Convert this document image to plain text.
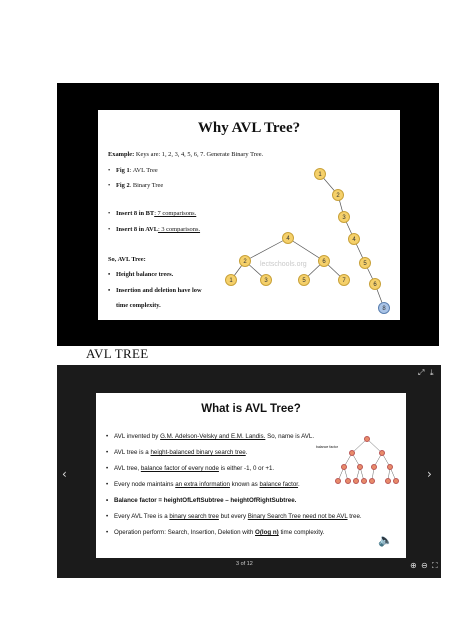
Why AVL Tree?
Example: Keys are: 1, 2, 3, 4, 5, 6, 7. Generate Binary Tree.
• Fig 1: AVL Tree
• Fig 2. Binary Tree
• Insert 8 in BT: 7 comparisons.
• Insert 8 in AVL: 3 comparisons.
So, AVL Tree:
• Height balance trees.
• Insertion and deletion have low
time complexity.
4
2	6
1	3	5	7
1
2
3
4
5
6
8
lectschools.org
AVL TREE
⤢ ⤓
‹	›
⊕ ⊖ ⛶
3 of 12
What is AVL Tree?
• AVL invented by G.M. Adelson-Velsky and E.M. Landis. So, name is AVL.
• AVL tree is a height-balanced binary search tree.
• AVL tree, balance factor of every node is either -1, 0 or +1.
• Every node maintains an extra information known as balance factor.
• Balance factor = heightOfLeftSubtree – heightOfRightSubtree.
• Every AVL Tree is a binary search tree but every Binary Search Tree need not be AVL tree.
• Operation perform: Search, Insertion, Deletion with O(log n) time complexity.
balance factor
🔈
